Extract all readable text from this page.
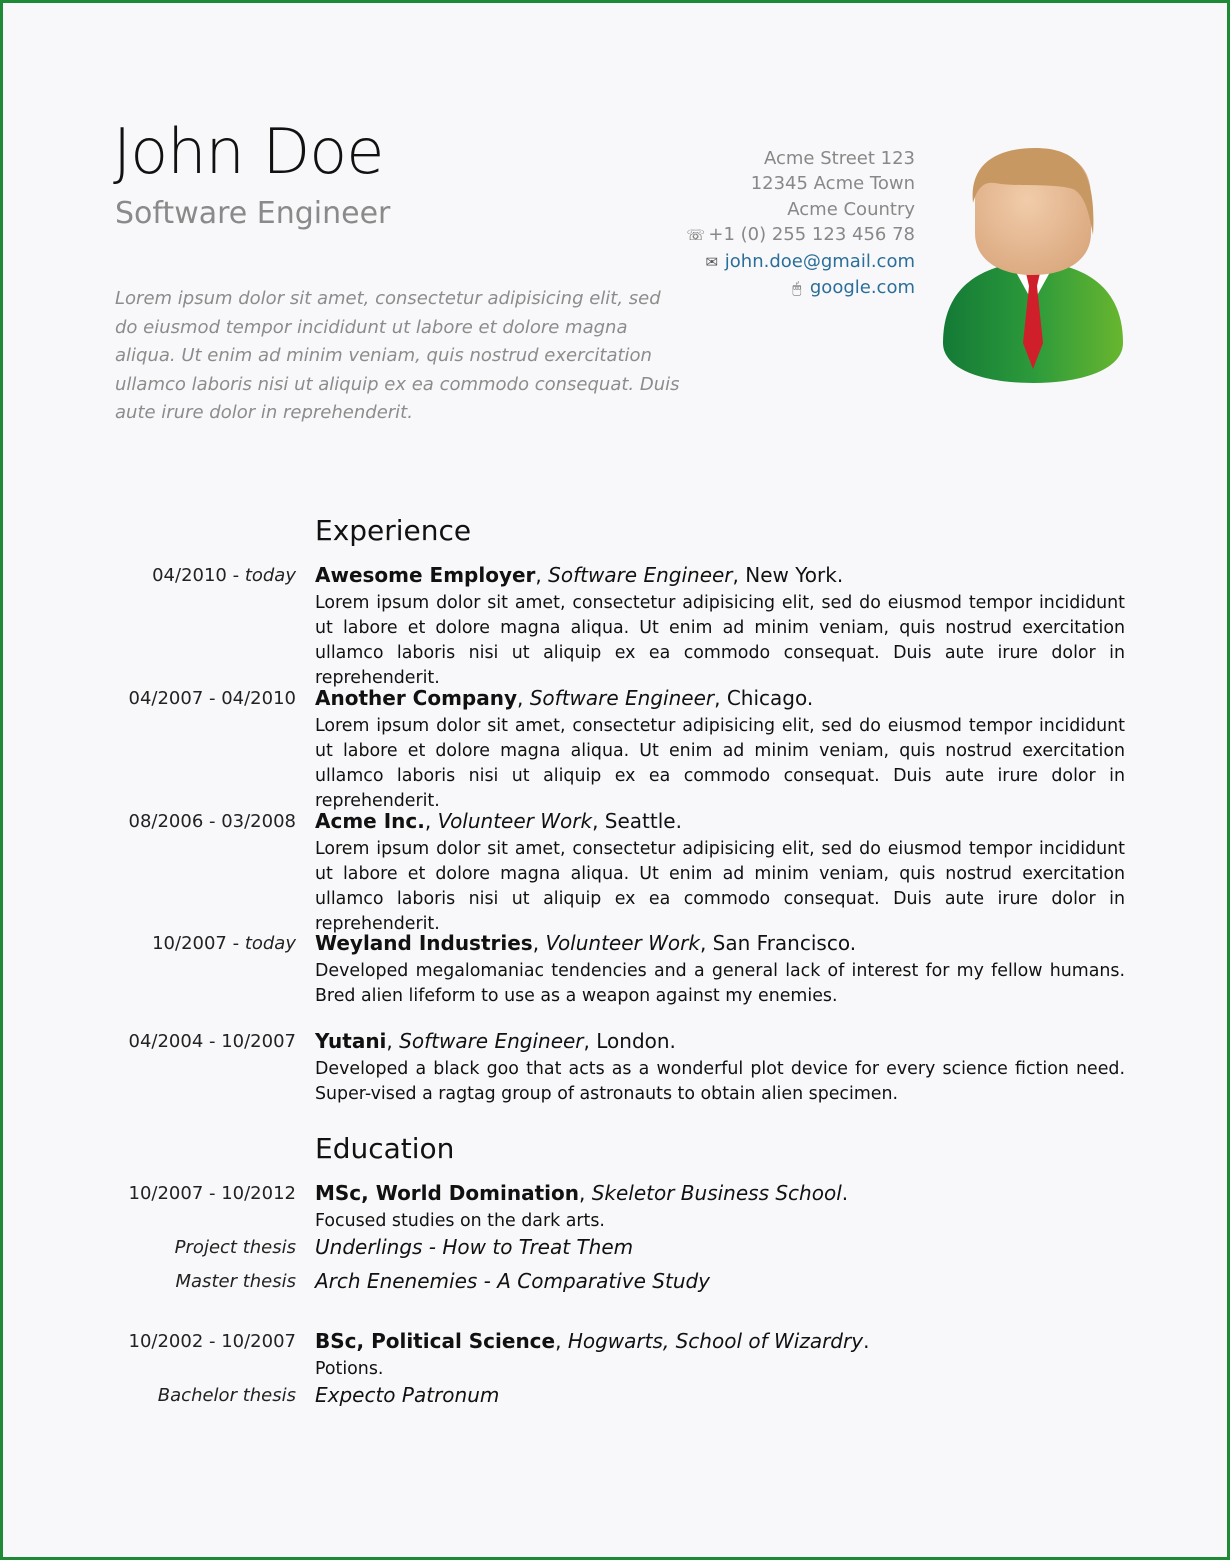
John Doe
Software Engineer
Lorem ipsum dolor sit amet, consectetur adipisicing elit, sed do eiusmod tempor incididunt ut labore et dolore magna aliqua. Ut enim ad minim veniam, quis nostrud exercitation ullamco laboris nisi ut aliquip ex ea commodo consequat. Duis aute irure dolor in reprehenderit.
Acme Street 123
12345 Acme Town
Acme Country
☏ +1 (0) 255 123 456 78
✉ john.doe@gmail.com
🖱 google.com
Experience
04/2010 - today Awesome Employer, Software Engineer, New York.
Lorem ipsum dolor sit amet, consectetur adipisicing elit, sed do eiusmod tempor incididunt ut labore et dolore magna aliqua. Ut enim ad minim veniam, quis nostrud exercitation ullamco laboris nisi ut aliquip ex ea commodo consequat. Duis aute irure dolor in reprehenderit.
04/2007 - 04/2010 Another Company, Software Engineer, Chicago.
Lorem ipsum dolor sit amet, consectetur adipisicing elit, sed do eiusmod tempor incididunt ut labore et dolore magna aliqua. Ut enim ad minim veniam, quis nostrud exercitation ullamco laboris nisi ut aliquip ex ea commodo consequat. Duis aute irure dolor in reprehenderit.
08/2006 - 03/2008 Acme Inc., Volunteer Work, Seattle.
Lorem ipsum dolor sit amet, consectetur adipisicing elit, sed do eiusmod tempor incididunt ut labore et dolore magna aliqua. Ut enim ad minim veniam, quis nostrud exercitation ullamco laboris nisi ut aliquip ex ea commodo consequat. Duis aute irure dolor in reprehenderit.
10/2007 - today Weyland Industries, Volunteer Work, San Francisco.
Developed megalomaniac tendencies and a general lack of interest for my fellow humans. Bred alien lifeform to use as a weapon against my enemies.
04/2004 - 10/2007 Yutani, Software Engineer, London.
Developed a black goo that acts as a wonderful plot device for every science fiction need. Super-vised a ragtag group of astronauts to obtain alien specimen.
Education
10/2007 - 10/2012 MSc, World Domination, Skeletor Business School.
Focused studies on the dark arts.
Project thesis Underlings - How to Treat Them
Master thesis Arch Enenemies - A Comparative Study
10/2002 - 10/2007 BSc, Political Science, Hogwarts, School of Wizardry.
Potions.
Bachelor thesis Expecto Patronum
